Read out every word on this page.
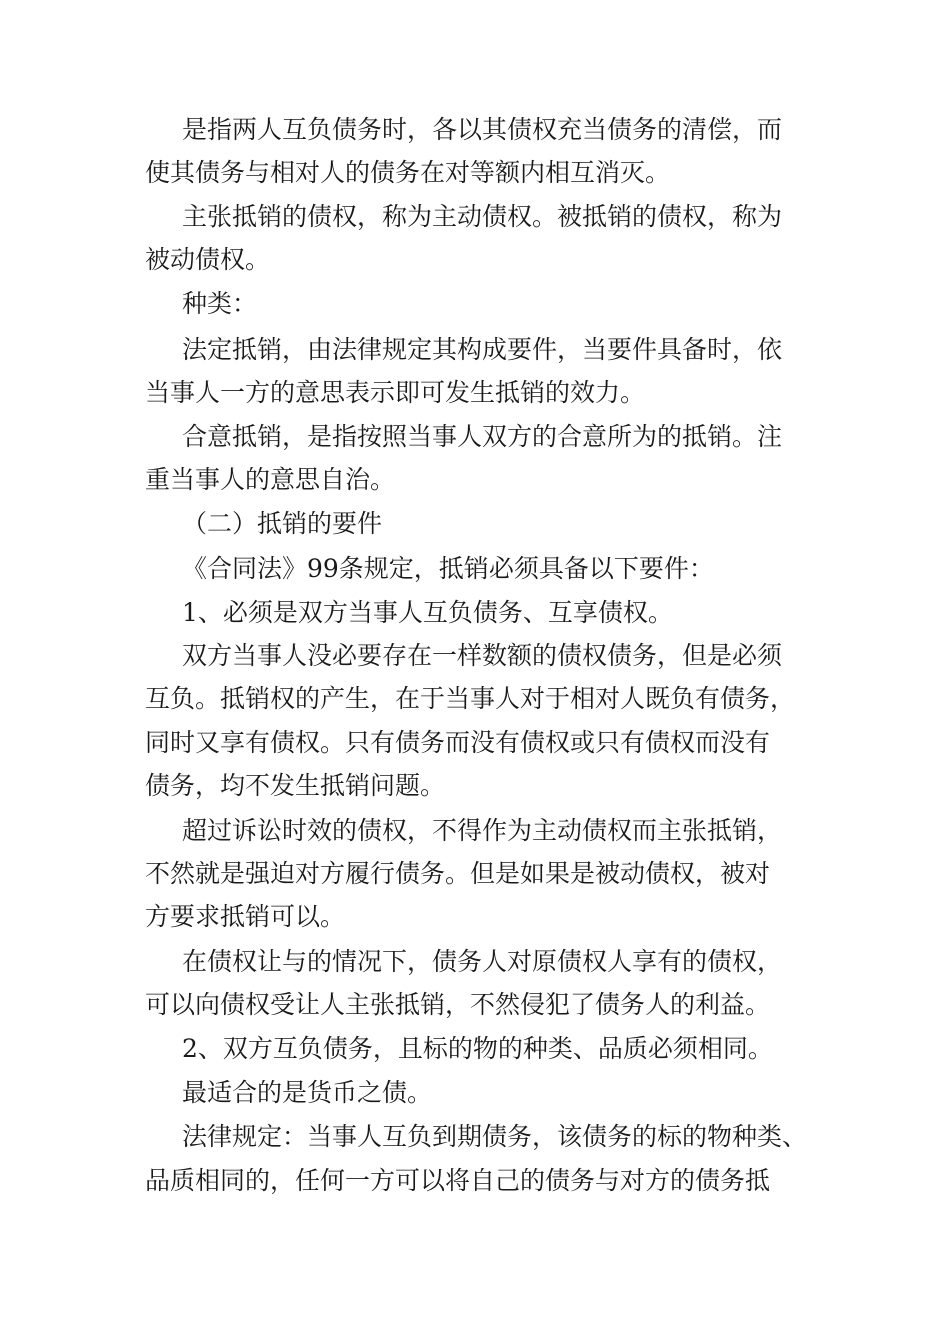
是指两人互负债务时，各以其债权充当债务的清偿，而
使其债务与相对人的债务在对等额内相互消灭。
主张抵销的债权，称为主动债权。被抵销的债权，称为
被动债权。
种类：
法定抵销，由法律规定其构成要件，当要件具备时，依
当事人一方的意思表示即可发生抵销的效力。
合意抵销，是指按照当事人双方的合意所为的抵销。注
重当事人的意思自治。
（二）抵销的要件
《合同法》99条规定，抵销必须具备以下要件：
1、必须是双方当事人互负债务、互享债权。
双方当事人没必要存在一样数额的债权债务，但是必须
互负。抵销权的产生，在于当事人对于相对人既负有债务，
同时又享有债权。只有债务而没有债权或只有债权而没有
债务，均不发生抵销问题。
超过诉讼时效的债权，不得作为主动债权而主张抵销，
不然就是强迫对方履行债务。但是如果是被动债权，被对
方要求抵销可以。
在债权让与的情况下，债务人对原债权人享有的债权，
可以向债权受让人主张抵销，不然侵犯了债务人的利益。
2、双方互负债务，且标的物的种类、品质必须相同。
最适合的是货币之债。
法律规定：当事人互负到期债务，该债务的标的物种类、
品质相同的，任何一方可以将自己的债务与对方的债务抵
